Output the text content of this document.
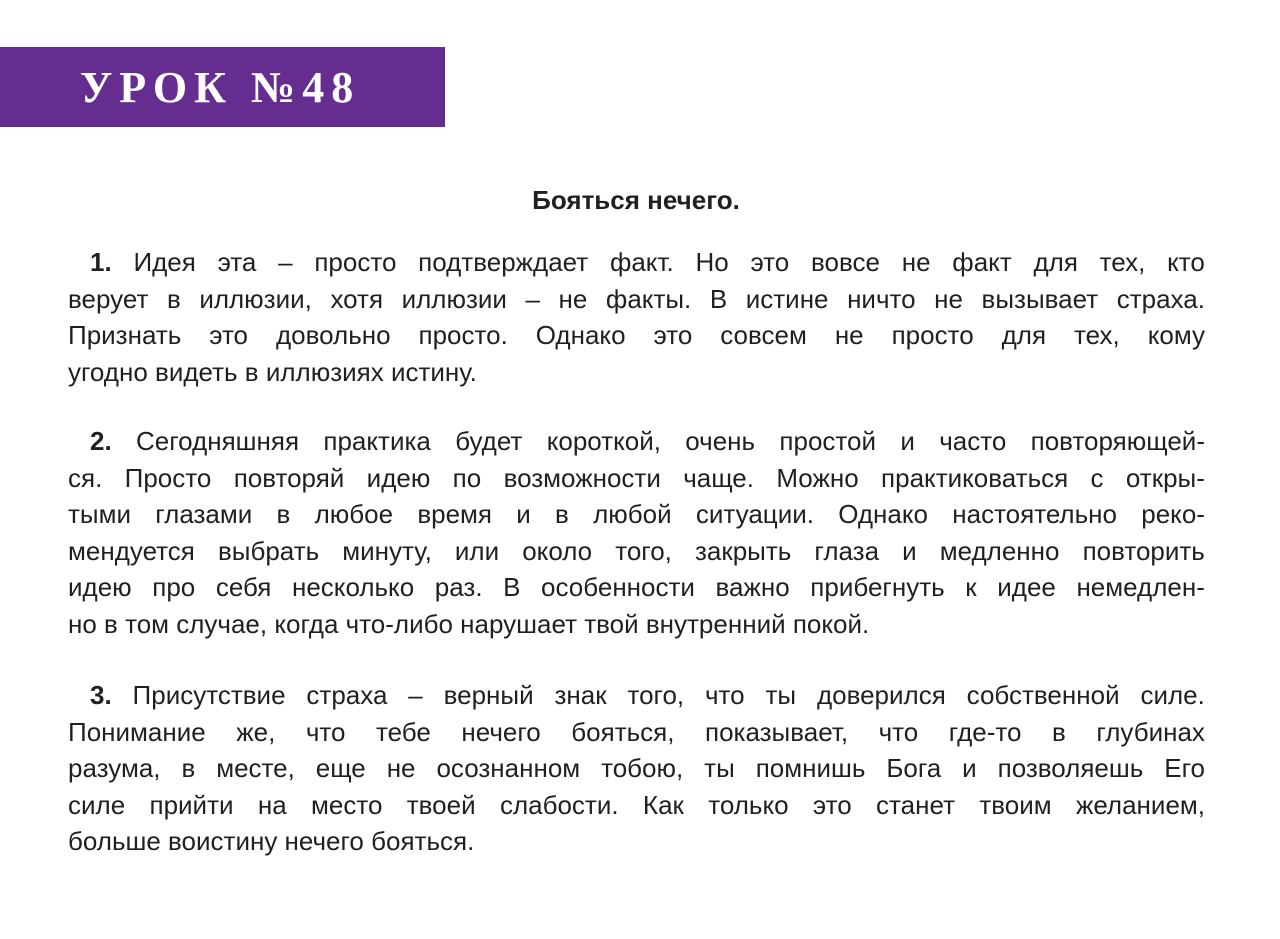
УРОК №48
Бояться нечего.
1. Идея эта – просто подтверждает факт. Но это вовсе не факт для тех, кто
верует в иллюзии, хотя иллюзии – не факты. В истине ничто не вызывает страха.
Признать это довольно просто. Однако это совсем не просто для тех, кому
угодно видеть в иллюзиях истину.
2. Сегодняшняя практика будет короткой, очень простой и часто повторяющей-
ся. Просто повторяй идею по возможности чаще. Можно практиковаться с откры-
тыми глазами в любое время и в любой ситуации. Однако настоятельно реко-
мендуется выбрать минуту, или около того, закрыть глаза и медленно повторить
идею про себя несколько раз. В особенности важно прибегнуть к идее немедлен-
но в том случае, когда что-либо нарушает твой внутренний покой.
3. Присутствие страха – верный знак того, что ты доверился собственной силе.
Понимание же, что тебе нечего бояться, показывает, что где-то в глубинах
разума, в месте, еще не осознанном тобою, ты помнишь Бога и позволяешь Его
силе прийти на место твоей слабости. Как только это станет твоим желанием,
больше воистину нечего бояться.
